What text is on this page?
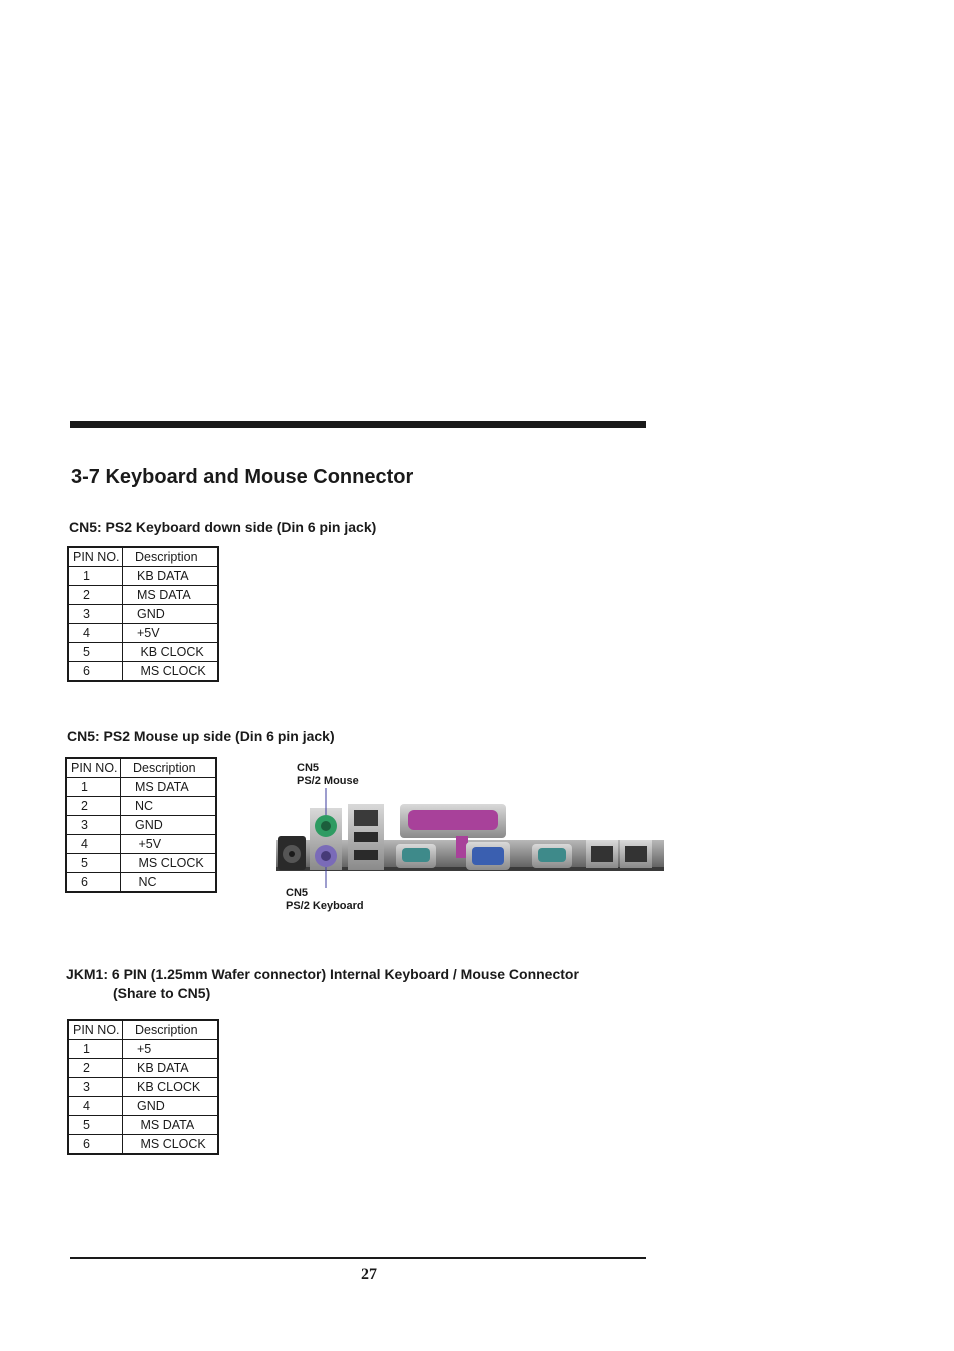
3-7 Keyboard and Mouse Connector

CN5: PS2 Keyboard down side (Din 6 pin jack)

PIN NO.	Description
1	KB DATA
2	MS DATA
3	GND
4	+5V
5	KB CLOCK
6	MS CLOCK

CN5: PS2 Mouse up side (Din 6 pin jack)

PIN NO.	Description
1	MS DATA
2	NC
3	GND
4	+5V
5	MS CLOCK
6	NC
CN5
PS/2 Mouse
CN5
PS/2 Keyboard

JKM1: 6 PIN (1.25mm Wafer connector) Internal Keyboard / Mouse Connector

(Share to CN5)

PIN NO.	Description
1	+5
2	KB DATA
3	KB CLOCK
4	GND
5	MS DATA
6	MS CLOCK
27
